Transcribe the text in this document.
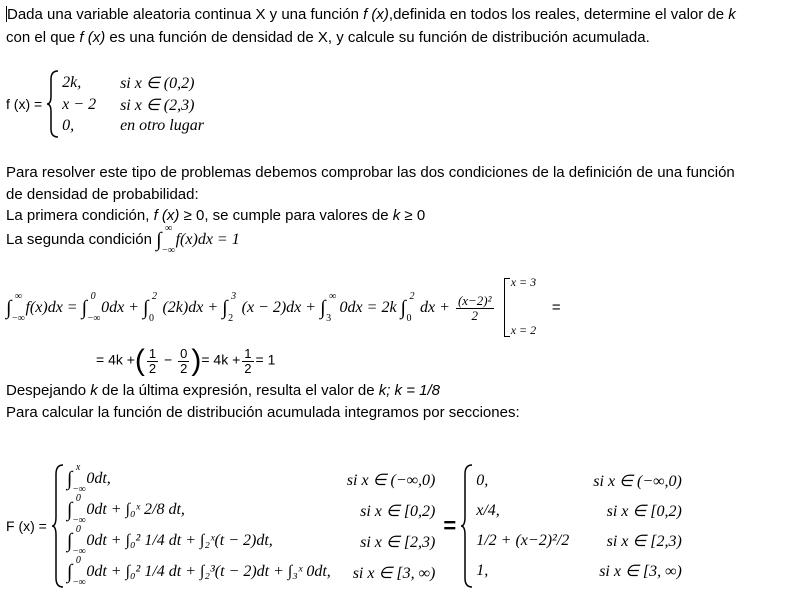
Dada una variable aleatoria continua X y una función f (x),definida en todos los reales, determine el valor de k
con el que f (x) es una función de densidad de X, y calcule su función de distribución acumulada.
f (x) =
2k,	si x ∈ (0,2)
x − 2 si x ∈ (2,3)
0,	en otro lugar
Para resolver este tipo de problemas debemos comprobar las dos condiciones de la definición de una función
de densidad de probabilidad:
La primera condición, f (x) ≥ 0, se cumple para valores de k ≥ 0
La segunda condición ∫
∞
−∞
f(x)dx = 1
∫
∞
−∞
f(x)dx = ∫
0
−∞
0dx + ∫
2
0
(2k)dx + ∫
3
2
(x − 2)dx + ∫
∞
3
0dx = 2k ∫
2
0
dx + $\frac{\text{(x−2)²}}{2}$

x = 3
x = 2
=
= 4k +( $\frac{1}{2} - \frac{0}{2}$ )= $4k + \frac{1}{2} = 1$
Despejando k de la última expresión, resulta el valor de k; k = 1/8
Para calcular la función de distribución acumulada integramos por secciones:
F (x) =
∫
x
−∞
0dt,	si x ∈ (−∞,0)
∫
0
−∞
0dt + ∫₀ˣ 2/8 dt,	si x ∈ [0,2)
∫
0
−∞
0dt + ∫₀² 1/4 dt + ∫₂ˣ(t − 2)dt,	si x ∈ [2,3)
∫
0
−∞
0dt + ∫₀² 1/4 dt + ∫₂³(t − 2)dt + ∫₃ˣ 0dt, si x ∈ [3, ∞)
=
0,	si x ∈ (−∞,0)
x/4,	si x ∈ [0,2)
1/2 + (x−2)²/2 si x ∈ [2,3)
1,	si x ∈ [3, ∞)
